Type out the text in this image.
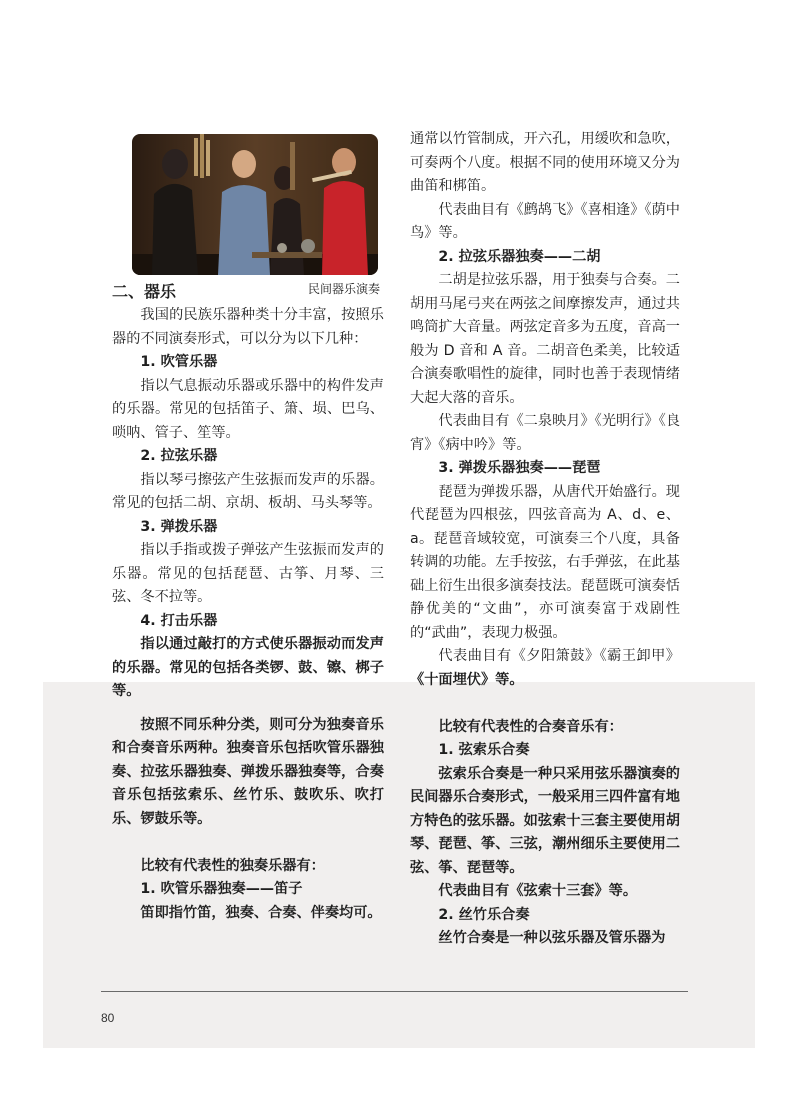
民间器乐演奏

二、器乐

我国的民族乐器种类十分丰富，按照乐器的不同演奏形式，可以分为以下几种：

1. 吹管乐器

指以气息振动乐器或乐器中的构件发声的乐器。常见的包括笛子、箫、埙、巴乌、唢呐、管子、笙等。

2. 拉弦乐器

指以琴弓擦弦产生弦振而发声的乐器。常见的包括二胡、京胡、板胡、马头琴等。

3. 弹拨乐器

指以手指或拨子弹弦产生弦振而发声的乐器。常见的包括琵琶、古筝、月琴、三弦、冬不拉等。

4. 打击乐器

指以通过敲打的方式使乐器振动而发声的乐器。常见的包括各类锣、鼓、镲、梆子等。

按照不同乐种分类，则可分为独奏音乐和合奏音乐两种。独奏音乐包括吹管乐器独奏、拉弦乐器独奏、弹拨乐器独奏等，合奏音乐包括弦索乐、丝竹乐、鼓吹乐、吹打乐、锣鼓乐等。

比较有代表性的独奏乐器有：

1. 吹管乐器独奏——笛子

笛即指竹笛，独奏、合奏、伴奏均可。

通常以竹管制成，开六孔，用缓吹和急吹，可奏两个八度。根据不同的使用环境又分为曲笛和梆笛。

代表曲目有《鹧鸪飞》《喜相逢》《荫中鸟》等。

2. 拉弦乐器独奏——二胡

二胡是拉弦乐器，用于独奏与合奏。二胡用马尾弓夹在两弦之间摩擦发声，通过共鸣筒扩大音量。两弦定音多为五度，音高一般为 D 音和 A 音。二胡音色柔美，比较适合演奏歌唱性的旋律，同时也善于表现情绪大起大落的音乐。

代表曲目有《二泉映月》《光明行》《良宵》《病中吟》等。

3. 弹拨乐器独奏——琵琶

琵琶为弹拨乐器，从唐代开始盛行。现代琵琶为四根弦，四弦音高为 A、d、e、a。琵琶音域较宽，可演奏三个八度，具备转调的功能。左手按弦，右手弹弦，在此基础上衍生出很多演奏技法。琵琶既可演奏恬静优美的“文曲”，亦可演奏富于戏剧性的“武曲”，表现力极强。

代表曲目有《夕阳箫鼓》《霸王卸甲》《十面埋伏》等。

比较有代表性的合奏音乐有：

1. 弦索乐合奏

弦索乐合奏是一种只采用弦乐器演奏的民间器乐合奏形式，一般采用三四件富有地方特色的弦乐器。如弦索十三套主要使用胡琴、琵琶、筝、三弦，潮州细乐主要使用二弦、筝、琵琶等。

代表曲目有《弦索十三套》等。

2. 丝竹乐合奏

丝竹合奏是一种以弦乐器及管乐器为

80
